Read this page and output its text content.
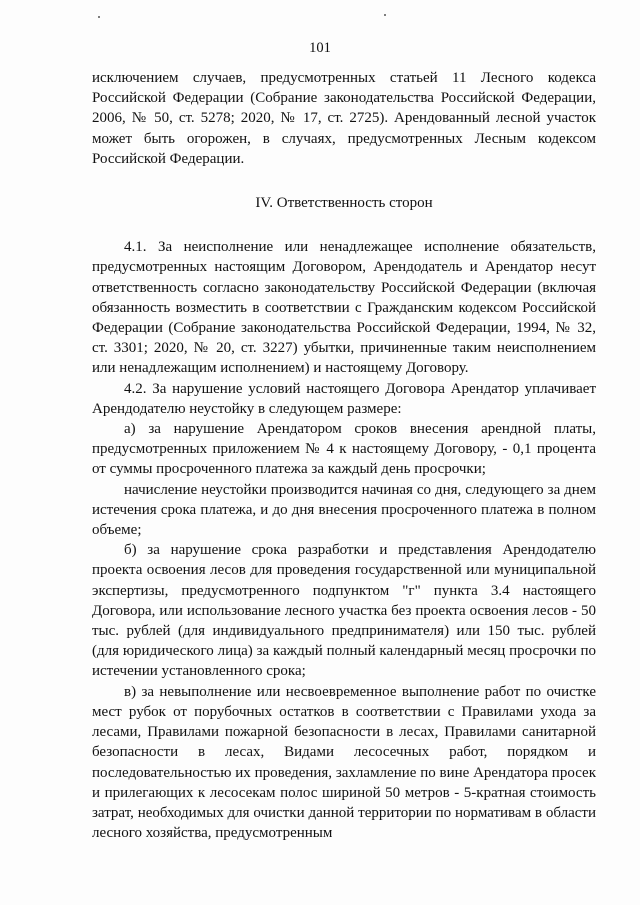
101

исключением случаев, предусмотренных статьей 11 Лесного кодекса Российской Федерации (Собрание законодательства Российской Федерации, 2006, № 50, ст. 5278; 2020, № 17, ст. 2725). Арендованный лесной участок может быть огорожен, в случаях, предусмотренных Лесным кодексом Российской Федерации.

IV. Ответственность сторон

4.1. За неисполнение или ненадлежащее исполнение обязательств, предусмотренных настоящим Договором, Арендодатель и Арендатор несут ответственность согласно законодательству Российской Федерации (включая обязанность возместить в соответствии с Гражданским кодексом Российской Федерации (Собрание законодательства Российской Федерации, 1994, № 32, ст. 3301; 2020, № 20, ст. 3227) убытки, причиненные таким неисполнением или ненадлежащим исполнением) и настоящему Договору.

4.2. За нарушение условий настоящего Договора Арендатор уплачивает Арендодателю неустойку в следующем размере:

а) за нарушение Арендатором сроков внесения арендной платы, предусмотренных приложением № 4 к настоящему Договору, - 0,1 процента от суммы просроченного платежа за каждый день просрочки;

начисление неустойки производится начиная со дня, следующего за днем истечения срока платежа, и до дня внесения просроченного платежа в полном объеме;

б) за нарушение срока разработки и представления Арендодателю проекта освоения лесов для проведения государственной или муниципальной экспертизы, предусмотренного подпунктом "г" пункта 3.4 настоящего Договора, или использование лесного участка без проекта освоения лесов - 50 тыс. рублей (для индивидуального предпринимателя) или 150 тыс. рублей (для юридического лица) за каждый полный календарный месяц просрочки по истечении установленного срока;

в) за невыполнение или несвоевременное выполнение работ по очистке мест рубок от порубочных остатков в соответствии с Правилами ухода за лесами, Правилами пожарной безопасности в лесах, Правилами санитарной безопасности в лесах, Видами лесосечных работ, порядком и последовательностью их проведения, захламление по вине Арендатора просек и прилегающих к лесосекам полос шириной 50 метров - 5-кратная стоимость затрат, необходимых для очистки данной территории по нормативам в области лесного хозяйства, предусмотренным
